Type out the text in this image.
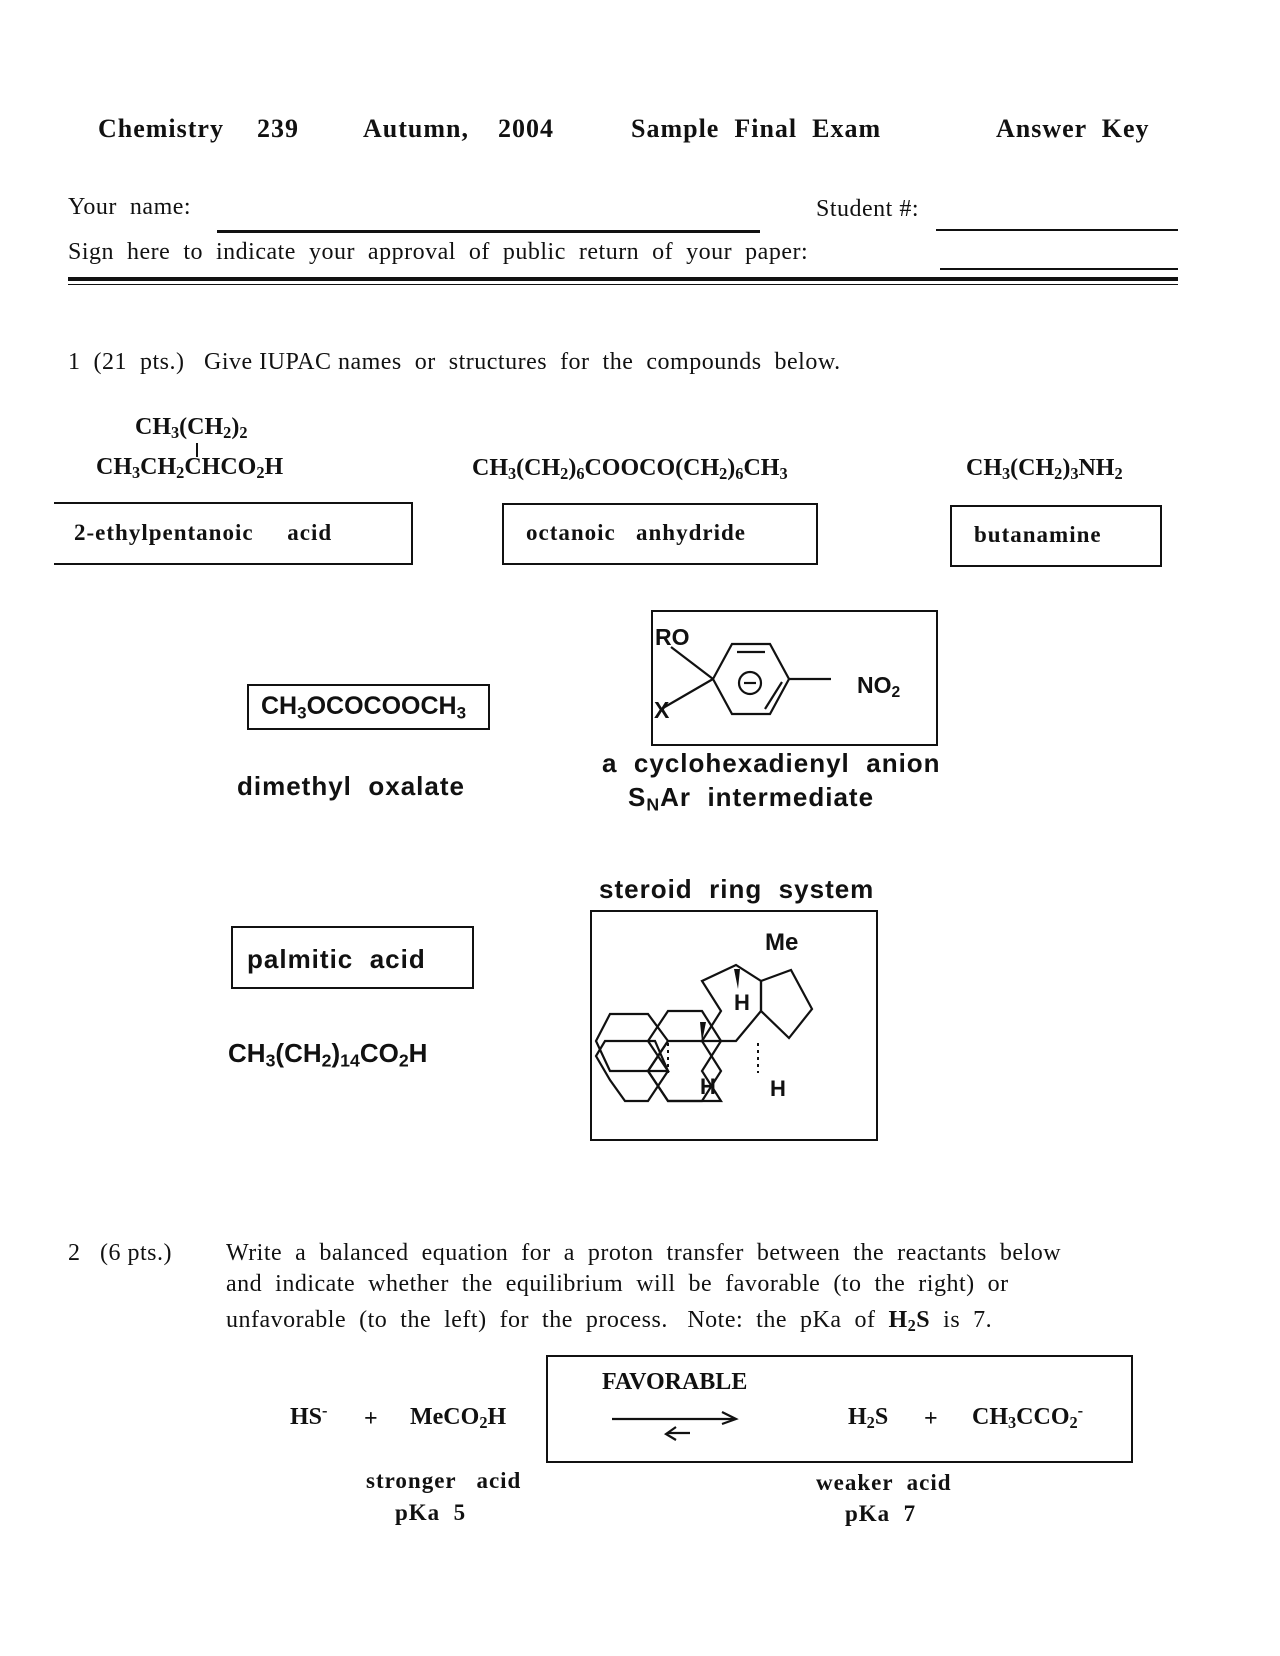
Chemistry 239 Autumn, 2004	Sample  Final  Exam	Answer  Key
Your  name:	Student #:
Sign  here  to  indicate  your  approval  of  public  return  of  your  paper:
1  (21  pts.)   Give IUPAC names  or  structures  for  the  compounds  below.
$CH_3(CH_2)_2$
$CH_3CH_2CHCO_2H$
2-ethylpentanoic     acid
$CH_3(CH_2)_6COOCO(CH_2)_6CH_3$
octanoic   anhydride
$CH_3(CH_2)_3NH_2$
butanamine
$CH_3OCOCOOCH_3$
dimethyl  oxalate
RO
X
$NO_2$
a  cyclohexadienyl  anion
$S_NAr$  intermediate
palmitic  acid
$CH_3(CH_2)_{14}CO_2H$
steroid  ring  system
Me
H
H H
2   (6 pts.) Write  a  balanced  equation  for  a  proton  transfer  between  the  reactants  below
and  indicate  whether  the  equilibrium  will  be  favorable  (to  the  right)  or
unfavorable  (to  the  left)  for  the  process.   Note:  the  pKa  of  $H_2S$  is  7.
HS- + MeCO$_2$H
FAVORABLE
$H_2S + CH_3CCO_2^-$
stronger   acid
pKa  5
weaker  acid
pKa  7
